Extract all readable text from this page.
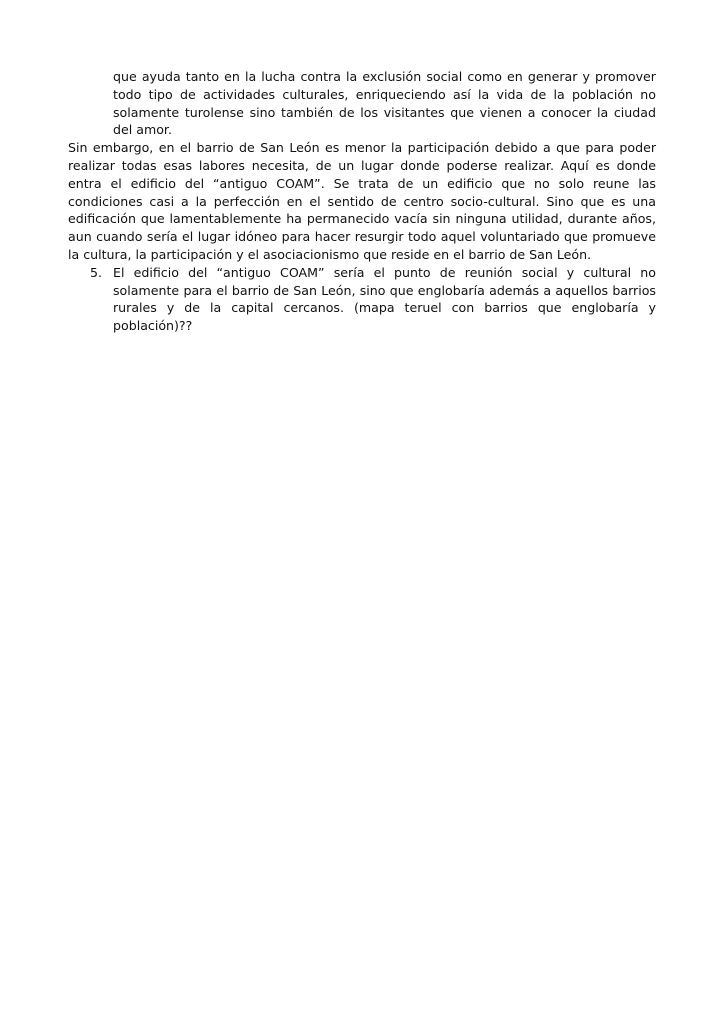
que ayuda tanto en la lucha contra la exclusión social como en generar y promover todo tipo de actividades culturales, enriqueciendo así la vida de la población no solamente turolense sino también de los visitantes que vienen a conocer la ciudad del amor.

Sin embargo, en el barrio de San León es menor la participación debido a que para poder realizar todas esas labores necesita, de un lugar donde poderse realizar. Aquí es donde entra el edificio del “antiguo COAM”. Se trata de un edificio que no solo reune las condiciones casi a la perfección en el sentido de centro socio-cultural. Sino que es una edificación que lamentablemente ha permanecido vacía sin ninguna utilidad, durante años, aun cuando sería el lugar idóneo para hacer resurgir todo aquel voluntariado que promueve la cultura, la participación y el asociacionismo que reside en el barrio de San León.

5. El edificio del “antiguo COAM” sería el punto de reunión social y cultural no solamente para el barrio de San León, sino que englobaría además a aquellos barrios rurales y de la capital cercanos. (mapa teruel con barrios que englobaría y población)??
